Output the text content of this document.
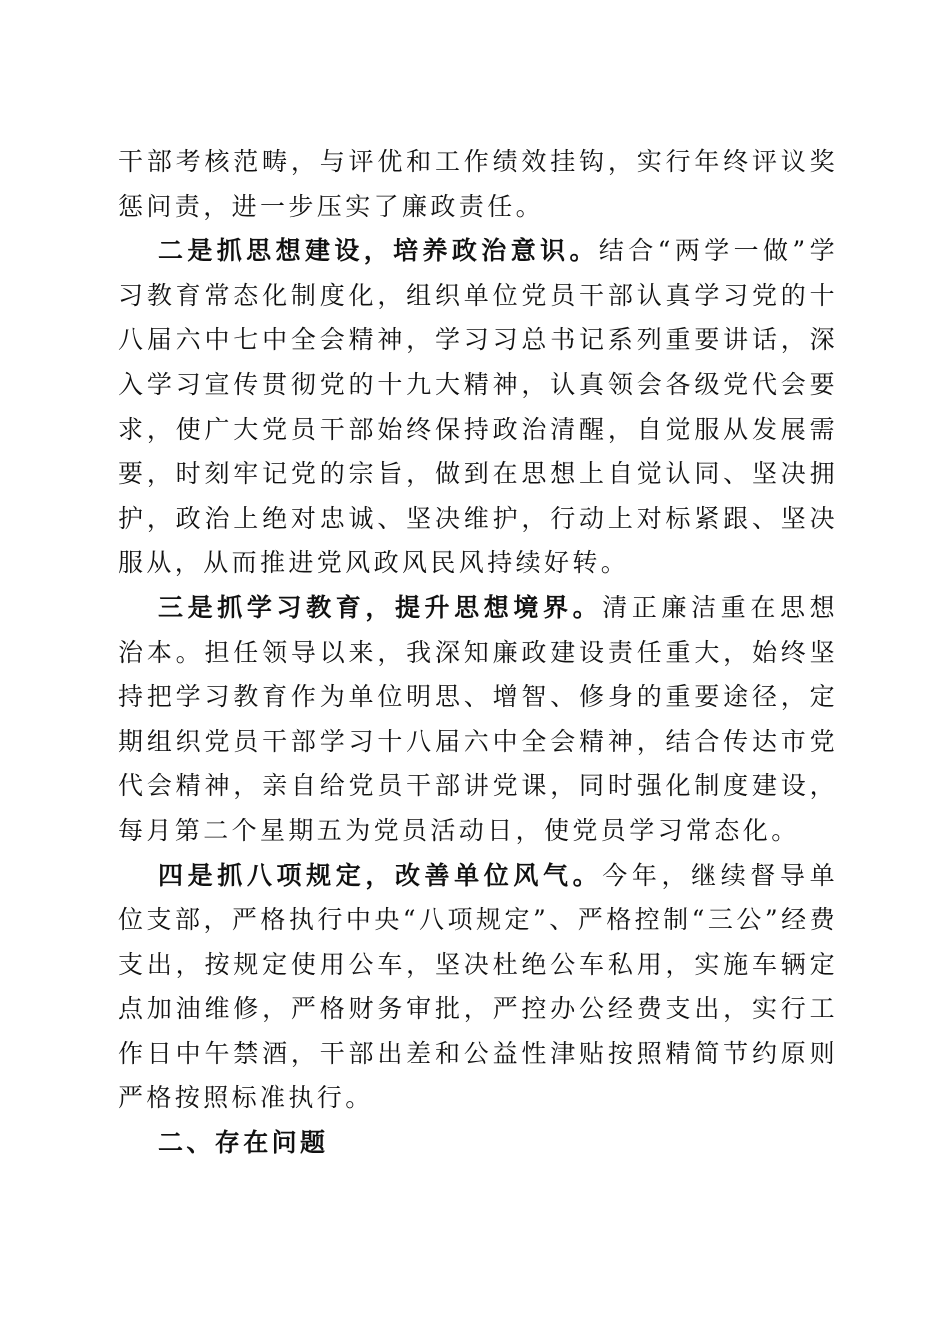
干部考核范畴，与评优和工作绩效挂钩，实行年终评议奖惩问责，进一步压实了廉政责任。

二是抓思想建设，培养政治意识。结合“两学一做”学习教育常态化制度化，组织单位党员干部认真学习党的十八届六中七中全会精神，学习习总书记系列重要讲话，深入学习宣传贯彻党的十九大精神，认真领会各级党代会要求，使广大党员干部始终保持政治清醒，自觉服从发展需要，时刻牢记党的宗旨，做到在思想上自觉认同、坚决拥护，政治上绝对忠诚、坚决维护，行动上对标紧跟、坚决服从，从而推进党风政风民风持续好转。

三是抓学习教育，提升思想境界。清正廉洁重在思想治本。担任领导以来，我深知廉政建设责任重大，始终坚持把学习教育作为单位明思、增智、修身的重要途径，定期组织党员干部学习十八届六中全会精神，结合传达市党代会精神，亲自给党员干部讲党课，同时强化制度建设，每月第二个星期五为党员活动日，使党员学习常态化。

四是抓八项规定，改善单位风气。今年，继续督导单位支部，严格执行中央“八项规定”、严格控制“三公”经费支出，按规定使用公车，坚决杜绝公车私用，实施车辆定点加油维修，严格财务审批，严控办公经费支出，实行工作日中午禁酒，干部出差和公益性津贴按照精简节约原则严格按照标准执行。

二、存在问题
